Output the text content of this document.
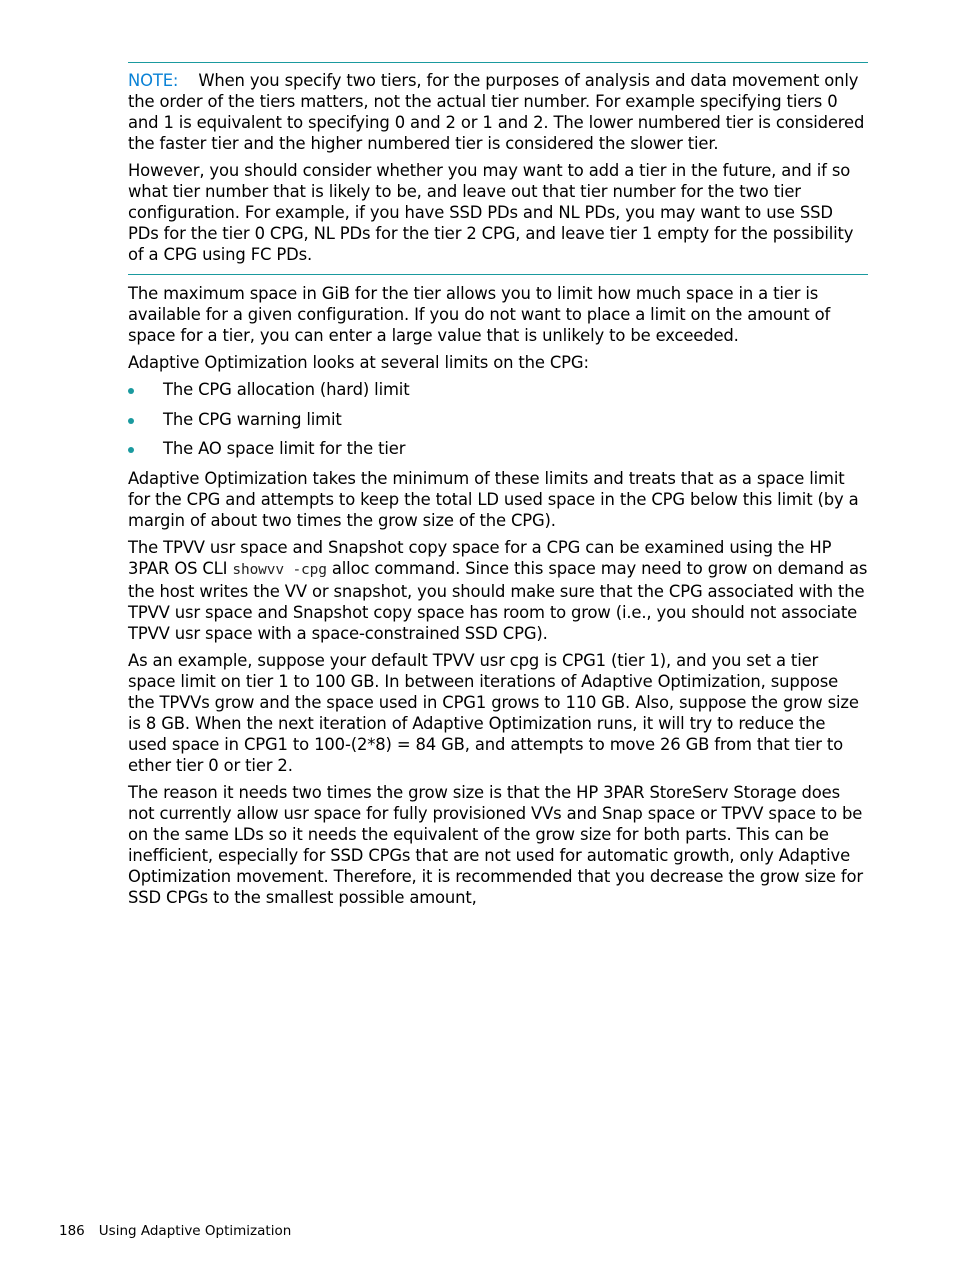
NOTE: When you specify two tiers, for the purposes of analysis and data movement only the order of the tiers matters, not the actual tier number. For example specifying tiers 0 and 1 is equivalent to specifying 0 and 2 or 1 and 2. The lower numbered tier is considered the faster tier and the higher numbered tier is considered the slower tier.

However, you should consider whether you may want to add a tier in the future, and if so what tier number that is likely to be, and leave out that tier number for the two tier configuration. For example, if you have SSD PDs and NL PDs, you may want to use SSD PDs for the tier 0 CPG, NL PDs for the tier 2 CPG, and leave tier 1 empty for the possibility of a CPG using FC PDs.

The maximum space in GiB for the tier allows you to limit how much space in a tier is available for a given configuration. If you do not want to place a limit on the amount of space for a tier, you can enter a large value that is unlikely to be exceeded.

Adaptive Optimization looks at several limits on the CPG:

The CPG allocation (hard) limit
The CPG warning limit
The AO space limit for the tier

Adaptive Optimization takes the minimum of these limits and treats that as a space limit for the CPG and attempts to keep the total LD used space in the CPG below this limit (by a margin of about two times the grow size of the CPG).

The TPVV usr space and Snapshot copy space for a CPG can be examined using the HP 3PAR OS CLI showvv -cpg alloc command. Since this space may need to grow on demand as the host writes the VV or snapshot, you should make sure that the CPG associated with the TPVV usr space and Snapshot copy space has room to grow (i.e., you should not associate TPVV usr space with a space-constrained SSD CPG).

As an example, suppose your default TPVV usr cpg is CPG1 (tier 1), and you set a tier space limit on tier 1 to 100 GB. In between iterations of Adaptive Optimization, suppose the TPVVs grow and the space used in CPG1 grows to 110 GB. Also, suppose the grow size is 8 GB. When the next iteration of Adaptive Optimization runs, it will try to reduce the used space in CPG1 to 100-(2*8) = 84 GB, and attempts to move 26 GB from that tier to ether tier 0 or tier 2.

The reason it needs two times the grow size is that the HP 3PAR StoreServ Storage does not currently allow usr space for fully provisioned VVs and Snap space or TPVV space to be on the same LDs so it needs the equivalent of the grow size for both parts. This can be inefficient, especially for SSD CPGs that are not used for automatic growth, only Adaptive Optimization movement. Therefore, it is recommended that you decrease the grow size for SSD CPGs to the smallest possible amount,

186 Using Adaptive Optimization
